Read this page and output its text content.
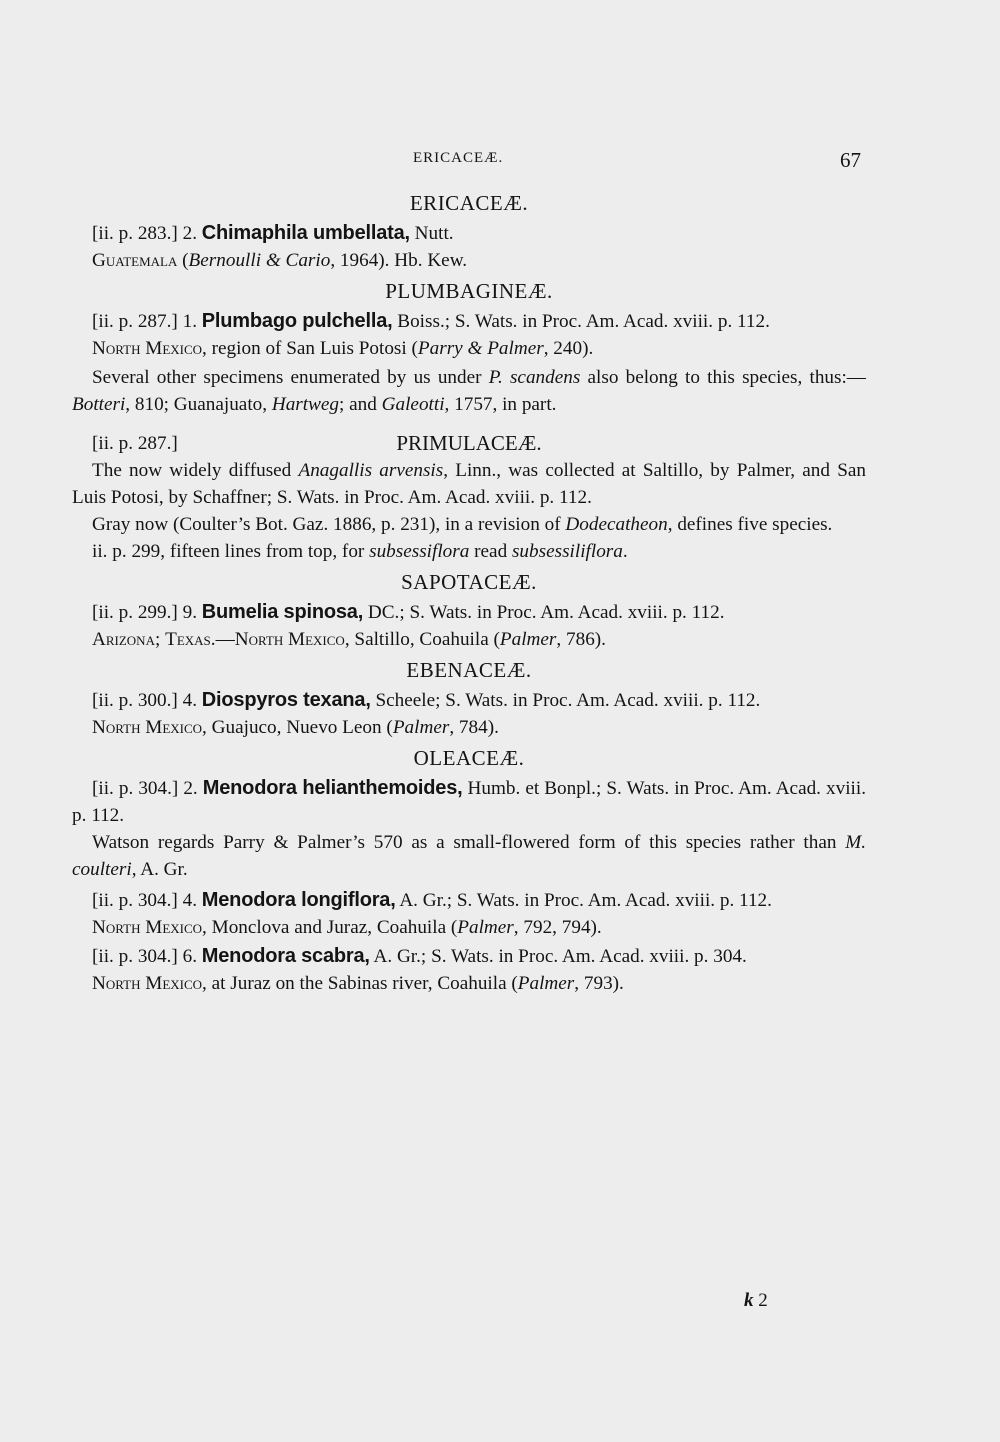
ERICACEÆ.	67
ERICACEÆ.

[ii. p. 283.] 2. Chimaphila umbellata, Nutt.

Guatemala (Bernoulli & Cario, 1964). Hb. Kew.

PLUMBAGINEÆ.

[ii. p. 287.] 1. Plumbago pulchella, Boiss.; S. Wats. in Proc. Am. Acad. xviii. p. 112.

North Mexico, region of San Luis Potosi (Parry & Palmer, 240).

Several other specimens enumerated by us under P. scandens also belong to this species, thus:—Botteri, 810; Guanajuato, Hartweg; and Galeotti, 1757, in part.

[ii. p. 287.]	PRIMULACEÆ.

The now widely diffused Anagallis arvensis, Linn., was collected at Saltillo, by Palmer, and San Luis Potosi, by Schaffner; S. Wats. in Proc. Am. Acad. xviii. p. 112.

Gray now (Coulter’s Bot. Gaz. 1886, p. 231), in a revision of Dodecatheon, defines five species.

ii. p. 299, fifteen lines from top, for subsessiflora read subsessiliflora.

SAPOTACEÆ.

[ii. p. 299.] 9. Bumelia spinosa, DC.; S. Wats. in Proc. Am. Acad. xviii. p. 112.

Arizona; Texas.—North Mexico, Saltillo, Coahuila (Palmer, 786).

EBENACEÆ.

[ii. p. 300.] 4. Diospyros texana, Scheele; S. Wats. in Proc. Am. Acad. xviii. p. 112.

North Mexico, Guajuco, Nuevo Leon (Palmer, 784).

OLEACEÆ.

[ii. p. 304.] 2. Menodora helianthemoides, Humb. et Bonpl.; S. Wats. in Proc. Am. Acad. xviii. p. 112.

Watson regards Parry & Palmer’s 570 as a small-flowered form of this species rather than M. coulteri, A. Gr.

[ii. p. 304.] 4. Menodora longiflora, A. Gr.; S. Wats. in Proc. Am. Acad. xviii. p. 112.

North Mexico, Monclova and Juraz, Coahuila (Palmer, 792, 794).

[ii. p. 304.] 6. Menodora scabra, A. Gr.; S. Wats. in Proc. Am. Acad. xviii. p. 304.

North Mexico, at Juraz on the Sabinas river, Coahuila (Palmer, 793).

k 2
